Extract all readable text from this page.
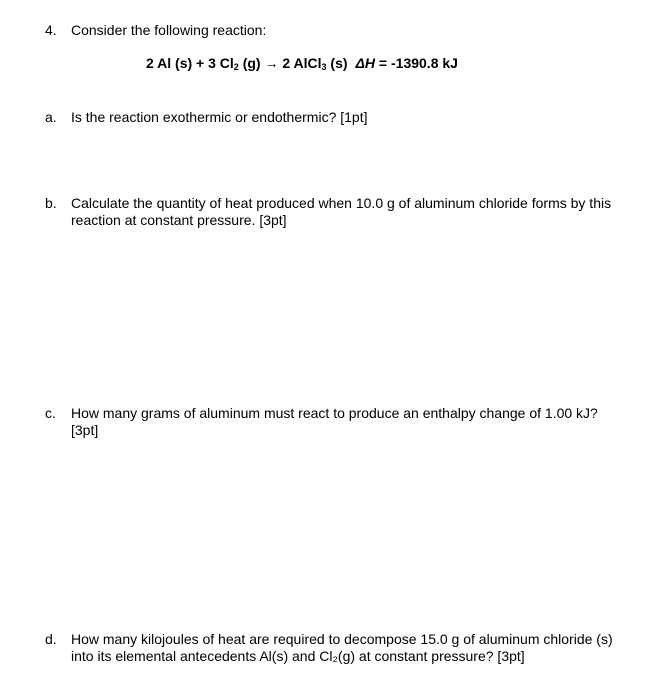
4. Consider the following reaction:
2 Al (s) + 3 $Cl_2$ (g) → 2 AlCl$_3$ (s) ΔH = -1390.8 kJ
a. Is the reaction exothermic or endothermic? [1pt]
b. Calculate the quantity of heat produced when 10.0 g of aluminum chloride forms by this reaction at constant pressure. [3pt]
c. How many grams of aluminum must react to produce an enthalpy change of 1.00 kJ? [3pt]
d. How many kilojoules of heat are required to decompose 15.0 g of aluminum chloride (s) into its elemental antecedents Al(s) and Cl₂(g) at constant pressure? [3pt]
